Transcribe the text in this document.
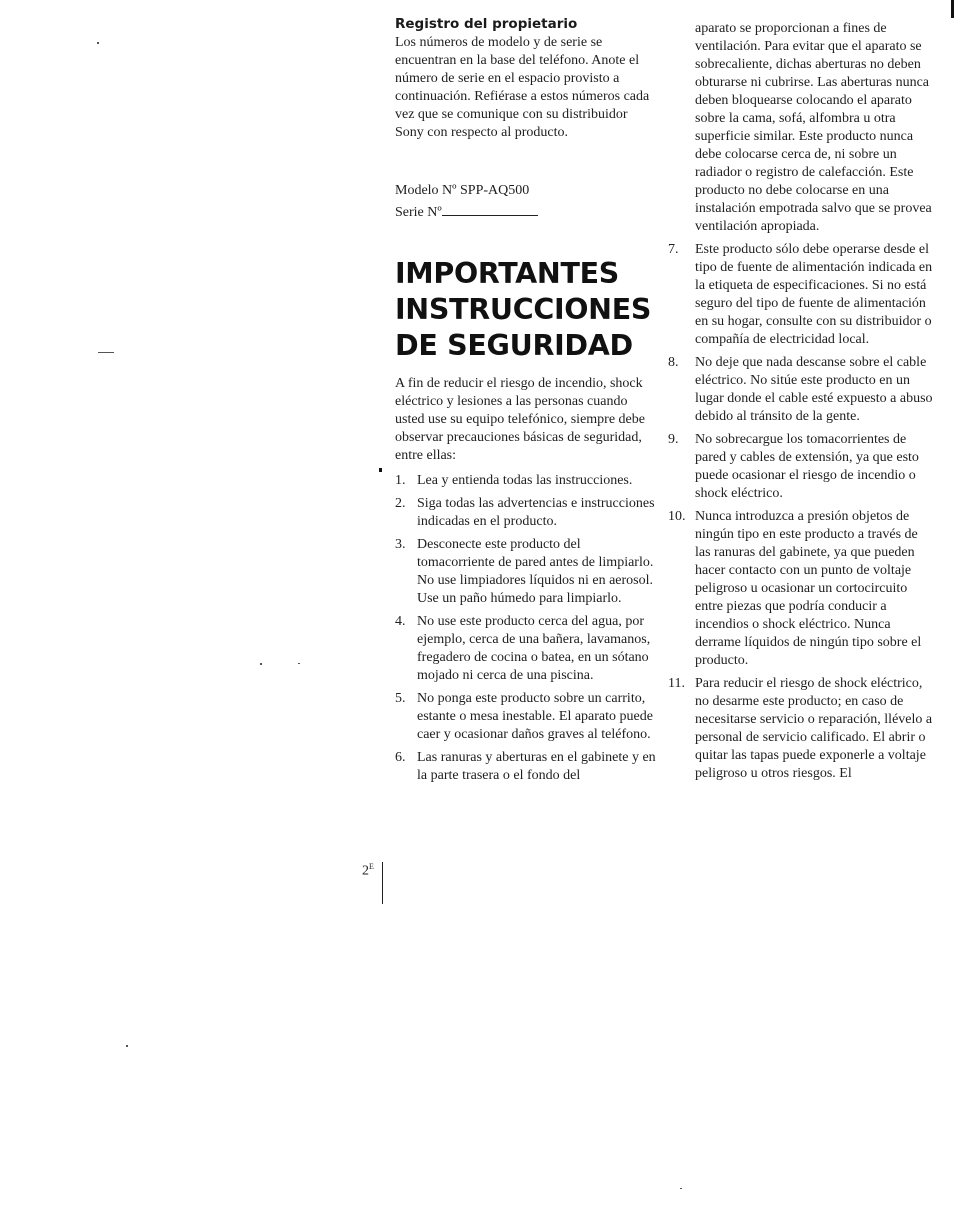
Registro del propietario

Los números de modelo y de serie se encuentran en la base del teléfono. Anote el número de serie en el espacio provisto a continuación. Refiérase a estos números cada vez que se comunique con su distribuidor Sony con respecto al producto.

Modelo Nº SPP-AQ500
Serie Nº
IMPORTANTES
INSTRUCCIONES
DE SEGURIDAD

A fin de reducir el riesgo de incendio, shock eléctrico y lesiones a las personas cuando usted use su equipo telefónico, siempre debe observar precauciones básicas de seguridad, entre ellas:

1. Lea y entienda todas las instrucciones.
2. Siga todas las advertencias e instrucciones indicadas en el producto.
3. Desconecte este producto del tomacorriente de pared antes de limpiarlo. No use limpiadores líquidos ni en aerosol. Use un paño húmedo para limpiarlo.
4. No use este producto cerca del agua, por ejemplo, cerca de una bañera, lavamanos, fregadero de cocina o batea, en un sótano mojado ni cerca de una piscina.
5. No ponga este producto sobre un carrito, estante o mesa inestable. El aparato puede caer y ocasionar daños graves al teléfono.
6. Las ranuras y aberturas en el gabinete y en la parte trasera o el fondo del

aparato se proporcionan a fines de ventilación. Para evitar que el aparato se sobrecaliente, dichas aberturas no deben obturarse ni cubrirse. Las aberturas nunca deben bloquearse colocando el aparato sobre la cama, sofá, alfombra u otra superficie similar. Este producto nunca debe colocarse cerca de, ni sobre un radiador o registro de calefacción. Este producto no debe colocarse en una instalación empotrada salvo que se provea ventilación apropiada.

7.	Este producto sólo debe operarse desde el tipo de fuente de alimentación indicada en la etiqueta de especificaciones. Si no está seguro del tipo de fuente de alimentación en su hogar, consulte con su distribuidor o compañía de electricidad local.
8.	No deje que nada descanse sobre el cable eléctrico. No sitúe este producto en un lugar donde el cable esté expuesto a abuso debido al tránsito de la gente.
9.	No sobrecargue los tomacorrientes de pared y cables de extensión, ya que esto puede ocasionar el riesgo de incendio o shock eléctrico.
10. Nunca introduzca a presión objetos de ningún tipo en este producto a través de las ranuras del gabinete, ya que pueden hacer contacto con un punto de voltaje peligroso u ocasionar un cortocircuito entre piezas que podría conducir a incendios o shock eléctrico. Nunca derrame líquidos de ningún tipo sobre el producto.
11. Para reducir el riesgo de shock eléctrico, no desarme este producto; en caso de necesitarse servicio o reparación, llévelo a personal de servicio calificado. El abrir o quitar las tapas puede exponerle a voltaje peligroso u otros riesgos. El
$2^E$
